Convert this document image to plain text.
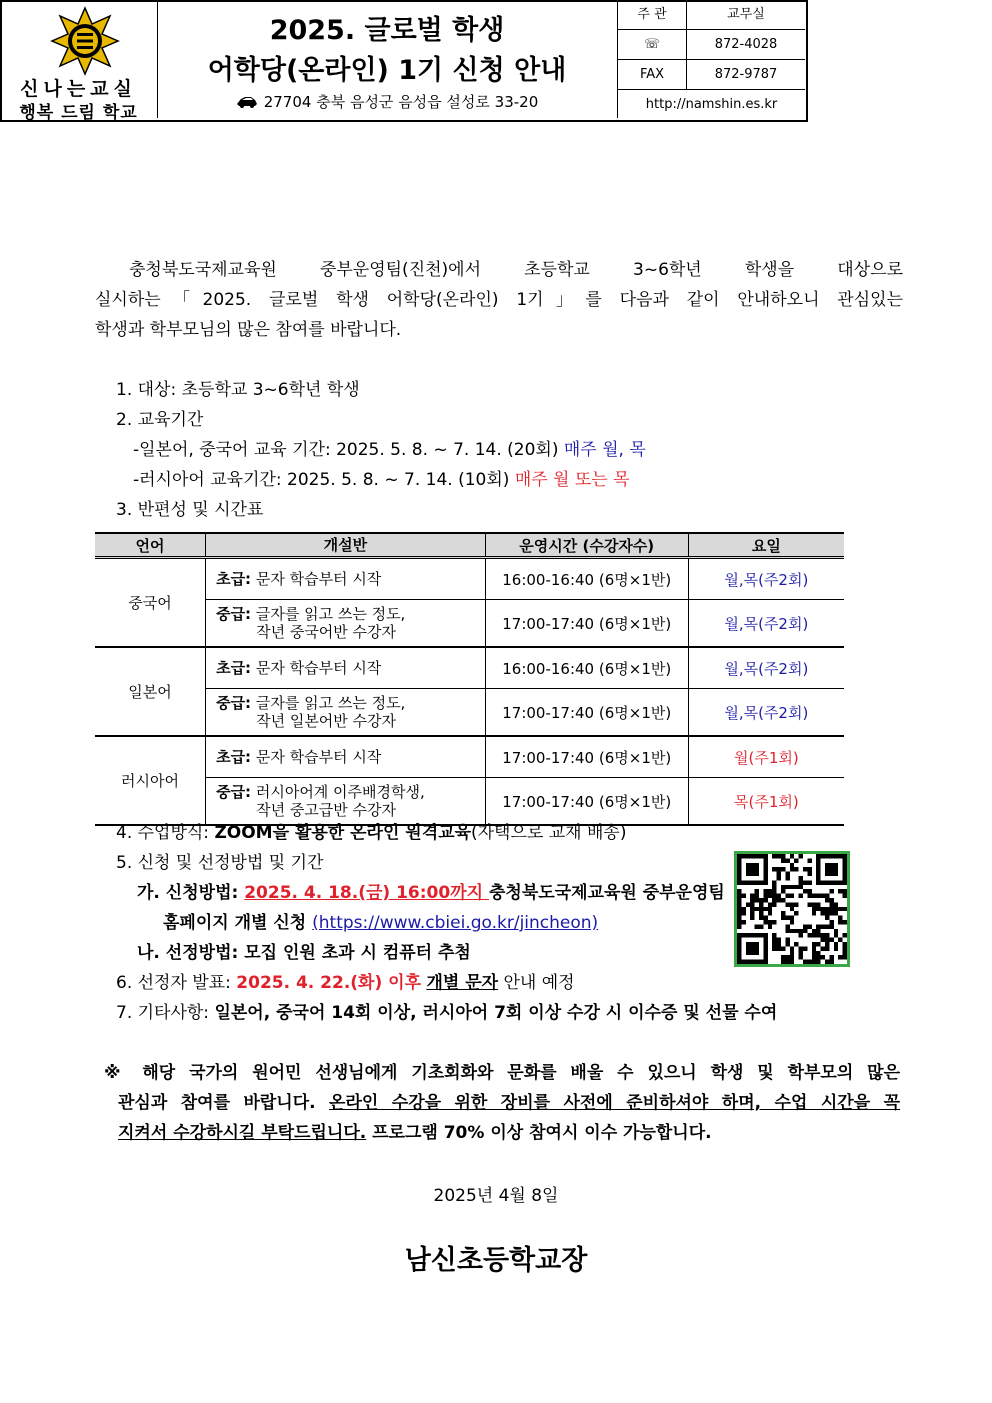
신나는교실
행복 드림 학교
2025. 글로벌 학생
어학당(온라인) 1기 신청 안내
27704 충북 음성군 음성읍 설성로 33-20
주 관	교무실
☏	872-4028
FAX	872-9787
http://namshin.es.kr
충청북도국제교육원 중부운영팀(진천)에서 초등학교 3~6학년 학생을 대상으로
실시하는「2025. 글로벌 학생 어학당(온라인) 1기」를 다음과 같이 안내하오니 관심있는
학생과 학부모님의 많은 참여를 바랍니다.
1. 대상: 초등학교 3~6학년 학생
2. 교육기간
-일본어, 중국어 교육 기간: 2025. 5. 8. ~ 7. 14. (20회) 매주 월, 목
-러시아어 교육기간: 2025. 5. 8. ~ 7. 14. (10회) 매주 월 또는 목
3. 반편성 및 시간표
언어	개설반	운영시간 (수강자수)	요일
중국어	초급: 문자 학습부터 시작	16:00-16:40 (6명×1반)	월,목(주2회)
	중급: 글자를 읽고 쓰는 정도,
작년 중국어반 수강자	17:00-17:40 (6명×1반)	월,목(주2회)
일본어	초급: 문자 학습부터 시작	16:00-16:40 (6명×1반)	월,목(주2회)
	중급: 글자를 읽고 쓰는 정도,
작년 일본어반 수강자	17:00-17:40 (6명×1반)	월,목(주2회)
러시아어	초급: 문자 학습부터 시작	17:00-17:40 (6명×1반)	월(주1회)
	중급: 러시아어계 이주배경학생,
작년 중고급반 수강자	17:00-17:40 (6명×1반)	목(주1회)
4. 수업방식: ZOOM을 활용한 온라인 원격교육(자택으로 교재 배송)
5. 신청 및 선정방법 및 기간
가. 신청방법: 2025. 4. 18.(금) 16:00까지 충청북도국제교육원 중부운영팀
홈페이지 개별 신청 (https://www.cbiei.go.kr/jincheon)
나. 선정방법: 모집 인원 초과 시 컴퓨터 추첨
6. 선정자 발표: 2025. 4. 22.(화) 이후 개별 문자 안내 예정
7. 기타사항: 일본어, 중국어 14회 이상, 러시아어 7회 이상 수강 시 이수증 및 선물 수여
※ 해당 국가의 원어민 선생님에게 기초회화와 문화를 배울 수 있으니 학생 및 학부모의 많은
관심과 참여를 바랍니다. 온라인 수강을 위한 장비를 사전에 준비하셔야 하며, 수업 시간을 꼭
지켜서 수강하시길 부탁드립니다. 프로그램 70% 이상 참여시 이수 가능합니다.
2025년 4월 8일
남신초등학교장
